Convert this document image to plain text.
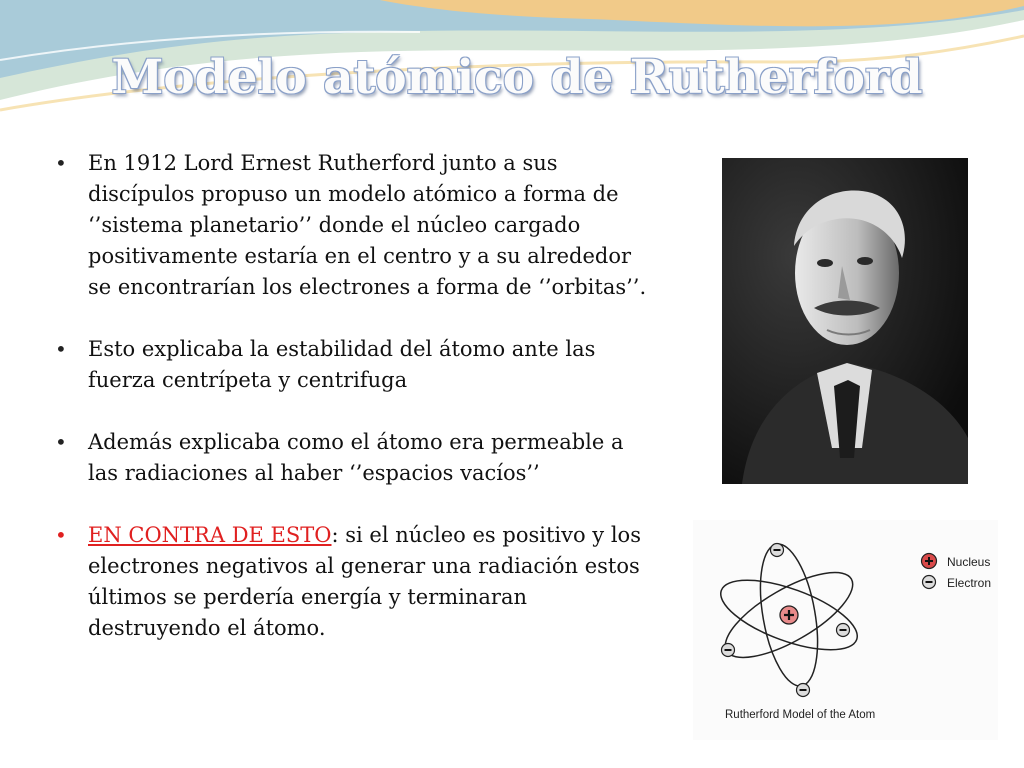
Modelo atómico de Rutherford
• En 1912 Lord Ernest Rutherford junto a sus discípulos propuso un modelo atómico a forma de ‘’sistema planetario’’ donde el núcleo cargado positivamente estaría en el centro y a su alrededor se encontrarían los electrones a forma de ‘’orbitas’’.
• Esto explicaba la estabilidad del átomo ante las fuerza centrípeta y centrifuga
• Además explicaba como el átomo era permeable a las radiaciones al haber ‘’espacios vacíos’’
• EN CONTRA DE ESTO: si el núcleo es positivo y los electrones negativos al generar una radiación estos últimos se perdería energía y terminaran destruyendo el átomo.
Nucleus
Electron
Rutherford Model of the Atom
